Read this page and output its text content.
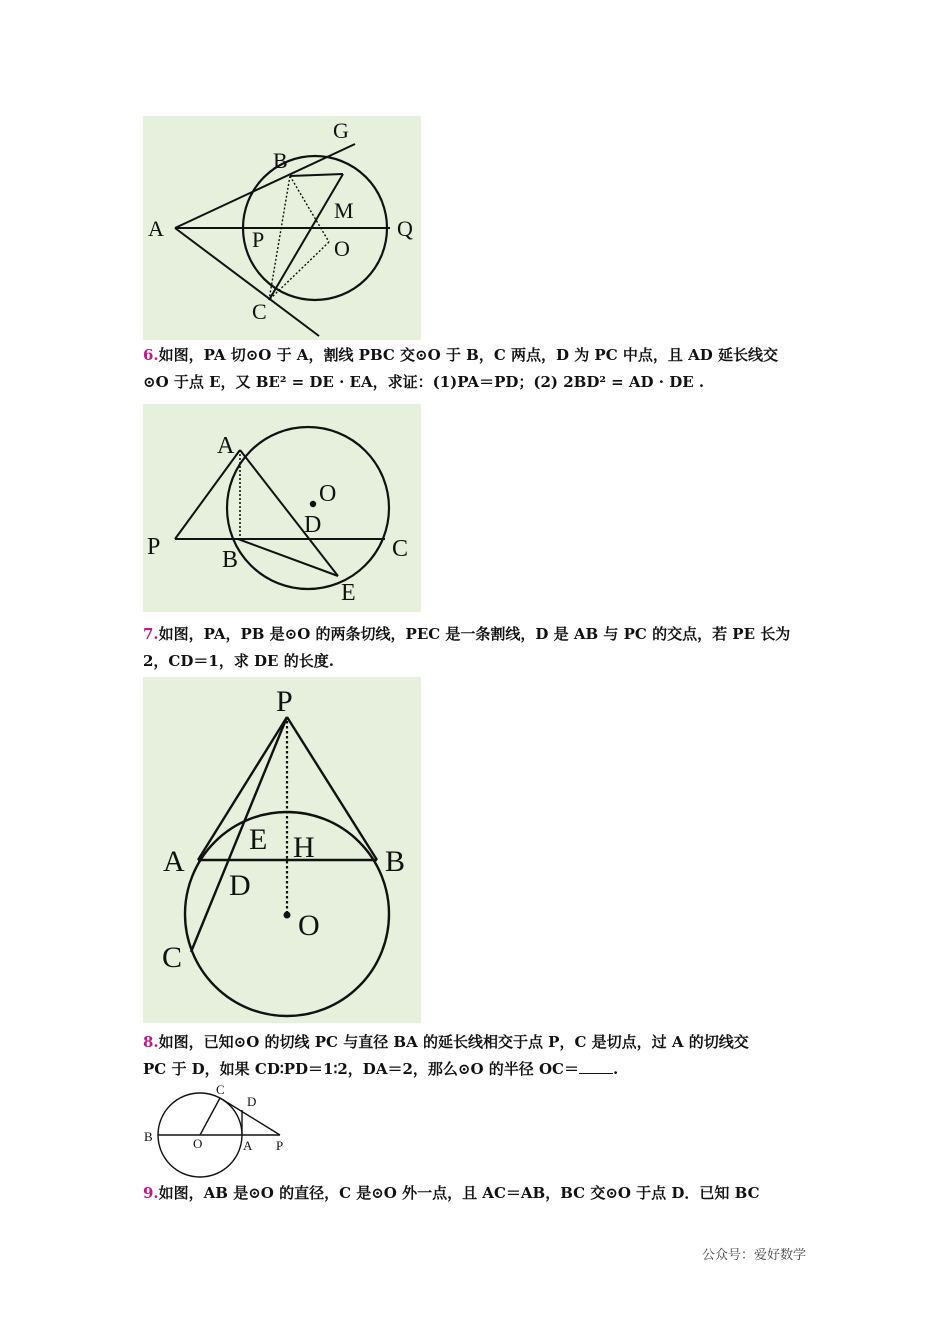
G
B
M
A	P	O
Q
C
6.如图，PA 切⊙O 于 A，割线 PBC 交⊙O 于 B，C 两点，D 为 PC 中点，且 AD 延长线交
⊙O 于点 E，又 BE² = DE · EA，求证：(1)PA＝PD；(2) 2BD² = AD · DE .
A
O
D
P	B	C
E
7.如图，PA，PB 是⊙O 的两条切线，PEC 是一条割线，D 是 AB 与 PC 的交点，若 PE 长为
2，CD＝1，求 DE 的长度.
P
E H
A	B
D
O
C
8.如图，已知⊙O 的切线 PC 与直径 BA 的延长线相交于点 P，C 是切点，过 A 的切线交
PC 于 D，如果 CD∶PD＝1∶2，DA＝2，那么⊙O 的半径 OC＝ .
C
D
B	O	A P
9.如图，AB 是⊙O 的直径，C 是⊙O 外一点，且 AC＝AB，BC 交⊙O 于点 D．已知 BC
公众号：爱好数学
